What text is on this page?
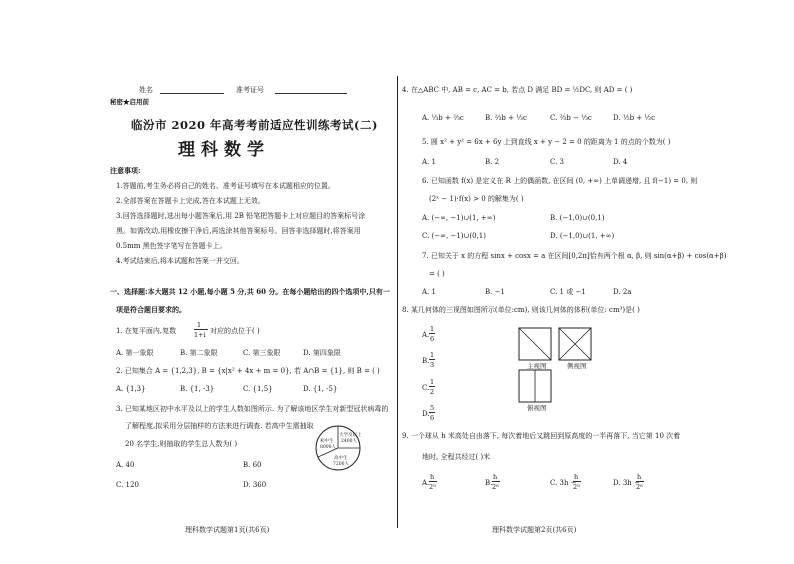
姓名	准考证号
秘密★启用前
临汾市 2020 年高考考前适应性训练考试(二)
理科数学
注意事项:
1.答题前,考生务必将自己的姓名、准考证号填写在本试题相应的位置。
2.全部答案在答题卡上完成,答在本试题上无效。
3.回答选择题时,选出每小题答案后,用 2B 铅笔把答题卡上对应题目的答案标号涂
黑。如需改动,用橡皮擦干净后,再选涂其他答案标号。回答非选择题时,将答案用
0.5mm 黑色签字笔写在答题卡上。
4.考试结束后,将本试题和答案一并交回。
一、选择题:本大题共 12 小题,每小题 5 分,共 60 分。在每小题给出的四个选项中,只有一
项是符合题目要求的。
1. 在复平面内,复数
1
1+i 对应的点位于( )
A. 第一象限	B. 第二象限	C. 第三象限	D. 第四象限
2. 已知集合 A = {1,2,3}, B = {x|x² + 4x + m = 0}, 若 A∩B = {1}, 则 B = ( )
A. {1,3}	B. {1, -3}	C. {1,5}	D. {1, -5}
3. 已知某地区初中水平及以上的学生人数如图所示. 为了解该地区学生对新型冠状病毒的
了解程度,拟采用分层抽样的方法来进行调查. 若高中生需抽取
20 名学生,则抽取的学生总人数为( )
A. 40	B. 60
C. 120	D. 360
初中生
8000人
大学及以上
2400人
高中生
7200人
理科数学试题第1页(共6页)
4. 在△ABC 中, AB = c, AC = b, 若点 D 满足 BD = ½DC, 则 AD = ( )
A. ⅓b + ⅔c	B. ⅔b + ⅓c	C. ⅔b − ⅓c	D. ½b + ½c
5. 圆 x² + y² = 6x + 6y 上到直线 x + y − 2 = 0 的距离为 1 的点的个数为( )
A. 1	B. 2	C. 3	D. 4
6. 已知函数 f(x) 是定义在 R 上的偶函数, 在区间 (0, +∞) 上单调递增, 且 f(−1) = 0, 则
(2ˣ − 1)·f(x) > 0 的解集为( )
A. (−∞, −1)∪(1, +∞)	B. (−1,0)∪(0,1)
C. (−∞, −1)∪(0,1)	D. (−1,0)∪(1, +∞)
7. 已知关于 x 的方程 sinx + cosx = a 在区间[0,2π]恰有两个根 α, β, 则 sin(α+β) + cos(α+β)
= ( )
A. 1	B. −1	C. 1 或 −1	D. 2a
8. 某几何体的三视图如图所示(单位:cm), 则该几何体的体积(单位: cm³)是( )
A.
1
6
B.
1
3
C.
1
2
D.
5
6
主视图	侧视图
俯视图
9. 一个球从 h 米高处自由落下, 每次着地后又跳回到原高度的一半再落下, 当它第 10 次着
地时, 全程共经过( )米
A.
h
2⁹	B.
h
2⁸	C. 3h −
h
2⁹	D. 3h −
h
2⁸
理科数学试题第2页(共6页)
